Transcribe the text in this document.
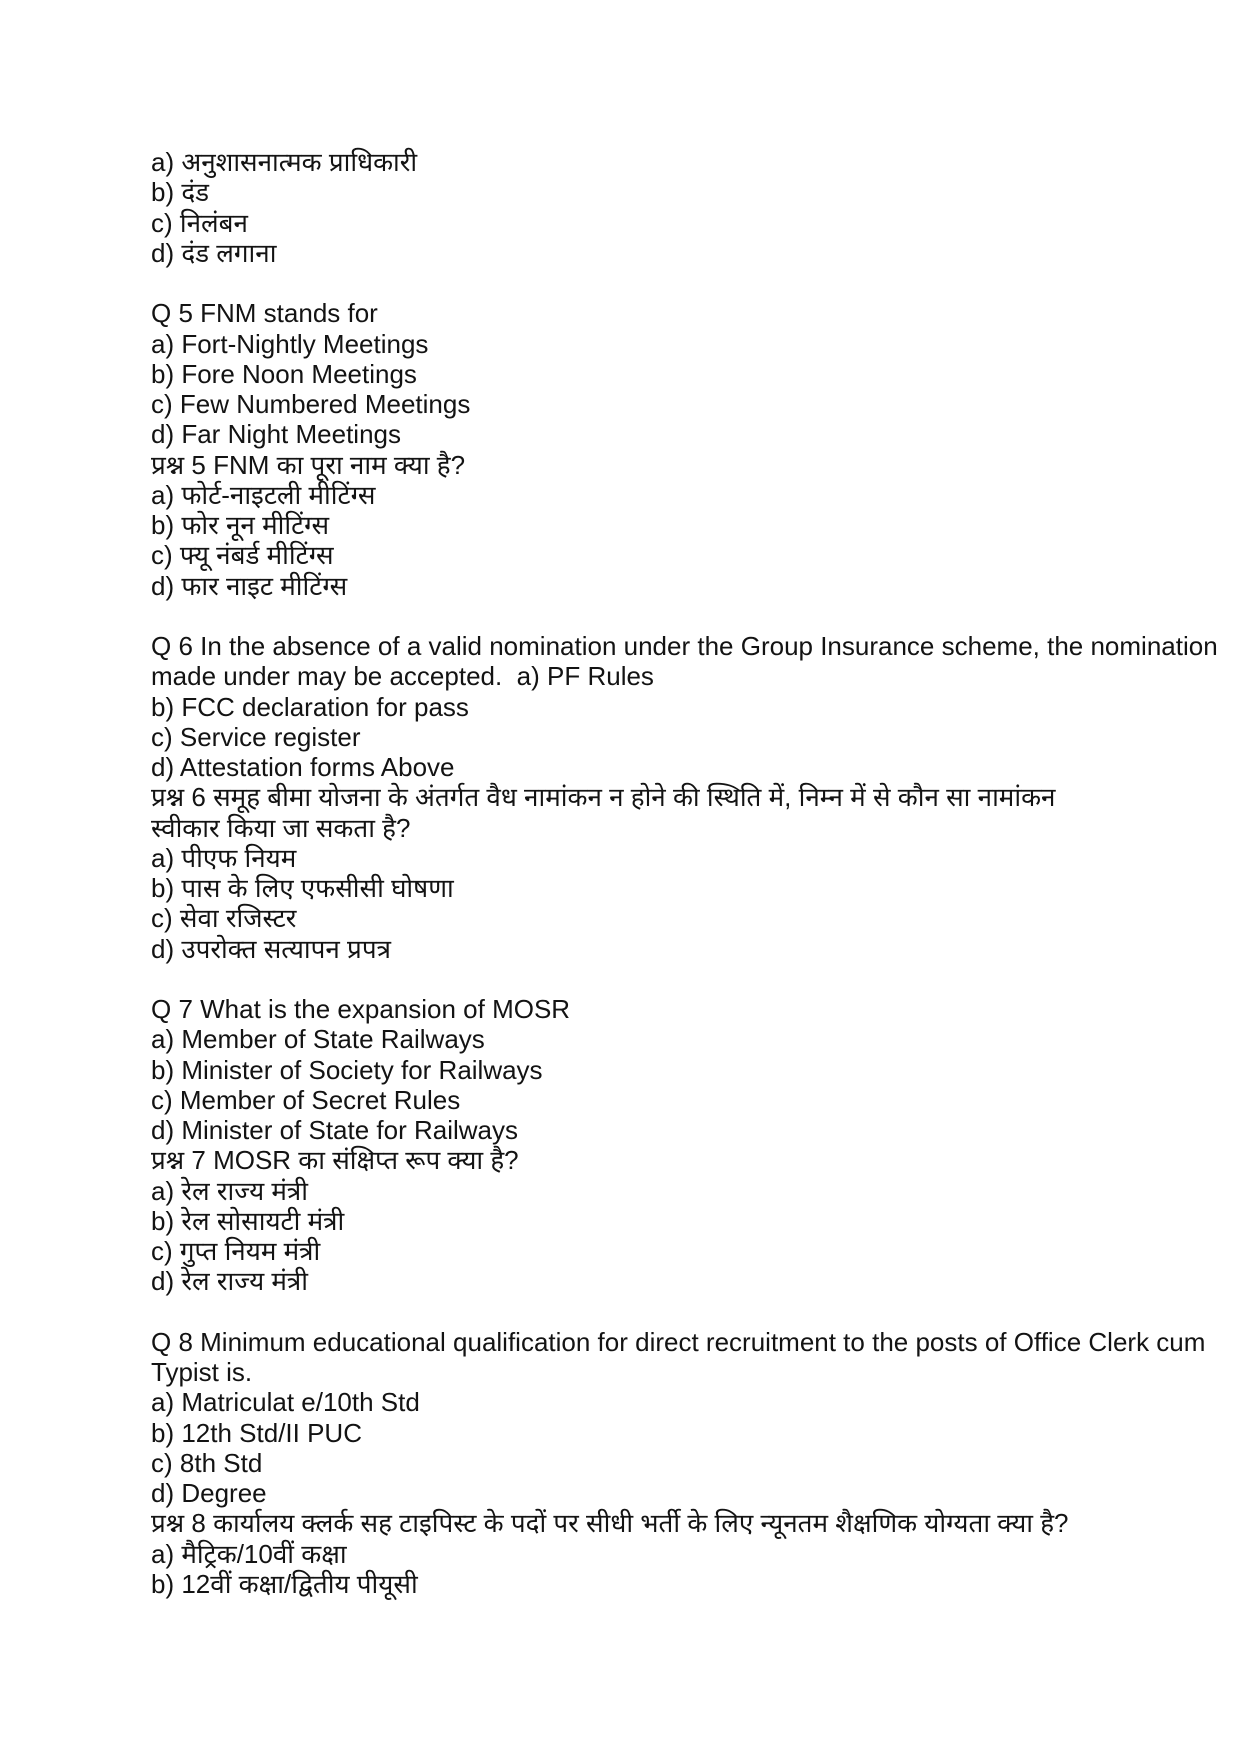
a) अनुशासनात्मक प्राधिकारी
b) दंड
c) निलंबन
d) दंड लगाना
Q 5 FNM stands for
a) Fort-Nightly Meetings
b) Fore Noon Meetings
c) Few Numbered Meetings
d) Far Night Meetings
प्रश्न 5 FNM का पूरा नाम क्या है?
a) फोर्ट-नाइटली मीटिंग्स
b) फोर नून मीटिंग्स
c) फ्यू नंबर्ड मीटिंग्स
d) फार नाइट मीटिंग्स
Q 6 In the absence of a valid nomination under the Group Insurance scheme, the nomination
made under may be accepted.  a) PF Rules
b) FCC declaration for pass
c) Service register
d) Attestation forms Above
प्रश्न 6 समूह बीमा योजना के अंतर्गत वैध नामांकन न होने की स्थिति में, निम्न में से कौन सा नामांकन
स्वीकार किया जा सकता है?
a) पीएफ नियम
b) पास के लिए एफसीसी घोषणा
c) सेवा रजिस्टर
d) उपरोक्त सत्यापन प्रपत्र
Q 7 What is the expansion of MOSR
a) Member of State Railways
b) Minister of Society for Railways
c) Member of Secret Rules
d) Minister of State for Railways
प्रश्न 7 MOSR का संक्षिप्त रूप क्या है?
a) रेल राज्य मंत्री
b) रेल सोसायटी मंत्री
c) गुप्त नियम मंत्री
d) रेल राज्य मंत्री
Q 8 Minimum educational qualification for direct recruitment to the posts of Office Clerk cum
Typist is.
a) Matriculat e/10th Std
b) 12th Std/II PUC
c) 8th Std
d) Degree
प्रश्न 8 कार्यालय क्लर्क सह टाइपिस्ट के पदों पर सीधी भर्ती के लिए न्यूनतम शैक्षणिक योग्यता क्या है?
a) मैट्रिक/10वीं कक्षा
b) 12वीं कक्षा/द्वितीय पीयूसी
